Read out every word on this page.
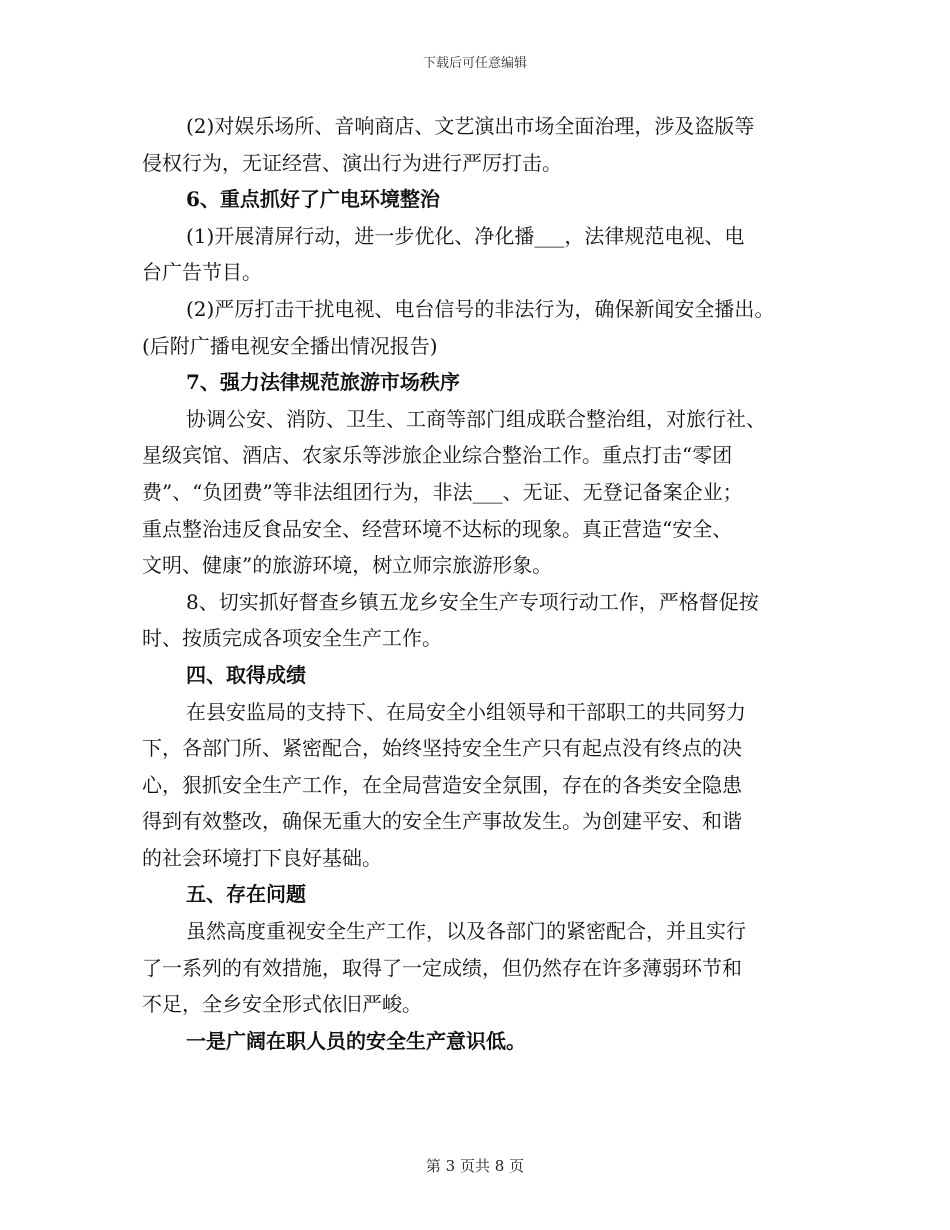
下载后可任意编辑
(2)对娱乐场所、音响商店、文艺演出市场全面治理，涉及盗版等
侵权行为，无证经营、演出行为进行严厉打击。
6、重点抓好了广电环境整治
(1)开展清屏行动，进一步优化、净化播___，法律规范电视、电
台广告节目。
(2)严厉打击干扰电视、电台信号的非法行为，确保新闻安全播出。
(后附广播电视安全播出情况报告)
7、强力法律规范旅游市场秩序
协调公安、消防、卫生、工商等部门组成联合整治组，对旅行社、
星级宾馆、酒店、农家乐等涉旅企业综合整治工作。重点打击“零团
费”、“负团费”等非法组团行为，非法___、无证、无登记备案企业；
重点整治违反食品安全、经营环境不达标的现象。真正营造“安全、
文明、健康”的旅游环境，树立师宗旅游形象。
8、切实抓好督查乡镇五龙乡安全生产专项行动工作，严格督促按
时、按质完成各项安全生产工作。
四、取得成绩
在县安监局的支持下、在局安全小组领导和干部职工的共同努力
下，各部门所、紧密配合，始终坚持安全生产只有起点没有终点的决
心，狠抓安全生产工作，在全局营造安全氛围，存在的各类安全隐患
得到有效整改，确保无重大的安全生产事故发生。为创建平安、和谐
的社会环境打下良好基础。
五、存在问题
虽然高度重视安全生产工作，以及各部门的紧密配合，并且实行
了一系列的有效措施，取得了一定成绩，但仍然存在许多薄弱环节和
不足，全乡安全形式依旧严峻。
一是广阔在职人员的安全生产意识低。
第 3 页共 8 页
